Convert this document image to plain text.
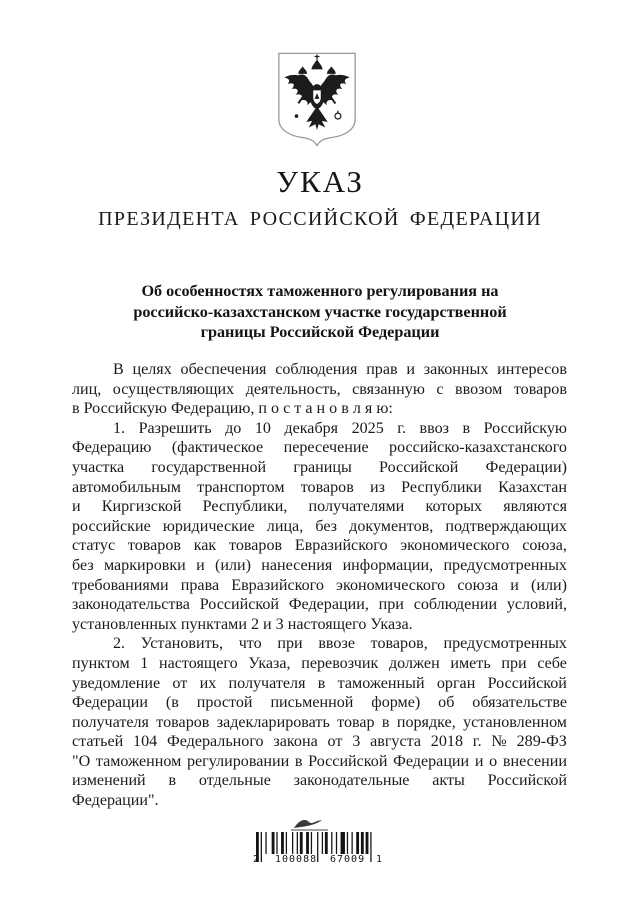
УКАЗ
ПРЕЗИДЕНТА РОССИЙСКОЙ ФЕДЕРАЦИИ
Об особенностях таможенного регулирования на
российско-казахстанском участке государственной
границы Российской Федерации
В целях обеспечения соблюдения прав и законных интересов
лиц, осуществляющих деятельность, связанную с ввозом товаров
в Российскую Федерацию, п о с т а н о в л я ю:
1. Разрешить до 10 декабря 2025 г. ввоз в Российскую
Федерацию (фактическое пересечение российско-казахстанского
участка государственной границы Российской Федерации)
автомобильным транспортом товаров из Республики Казахстан
и Киргизской Республики, получателями которых являются
российские юридические лица, без документов, подтверждающих
статус товаров как товаров Евразийского экономического союза,
без маркировки и (или) нанесения информации, предусмотренных
требованиями права Евразийского экономического союза и (или)
законодательства Российской Федерации, при соблюдении условий,
установленных пунктами 2 и 3 настоящего Указа.
2. Установить, что при ввозе товаров, предусмотренных
пунктом 1 настоящего Указа, перевозчик должен иметь при себе
уведомление от их получателя в таможенный орган Российской
Федерации (в простой письменной форме) об обязательстве
получателя товаров задекларировать товар в порядке, установленном
статьей 104 Федерального закона от 3 августа 2018 г. № 289-ФЗ
"О таможенном регулировании в Российской Федерации и о внесении
изменений в отдельные законодательные акты Российской
Федерации".
2 100088 67009 1
